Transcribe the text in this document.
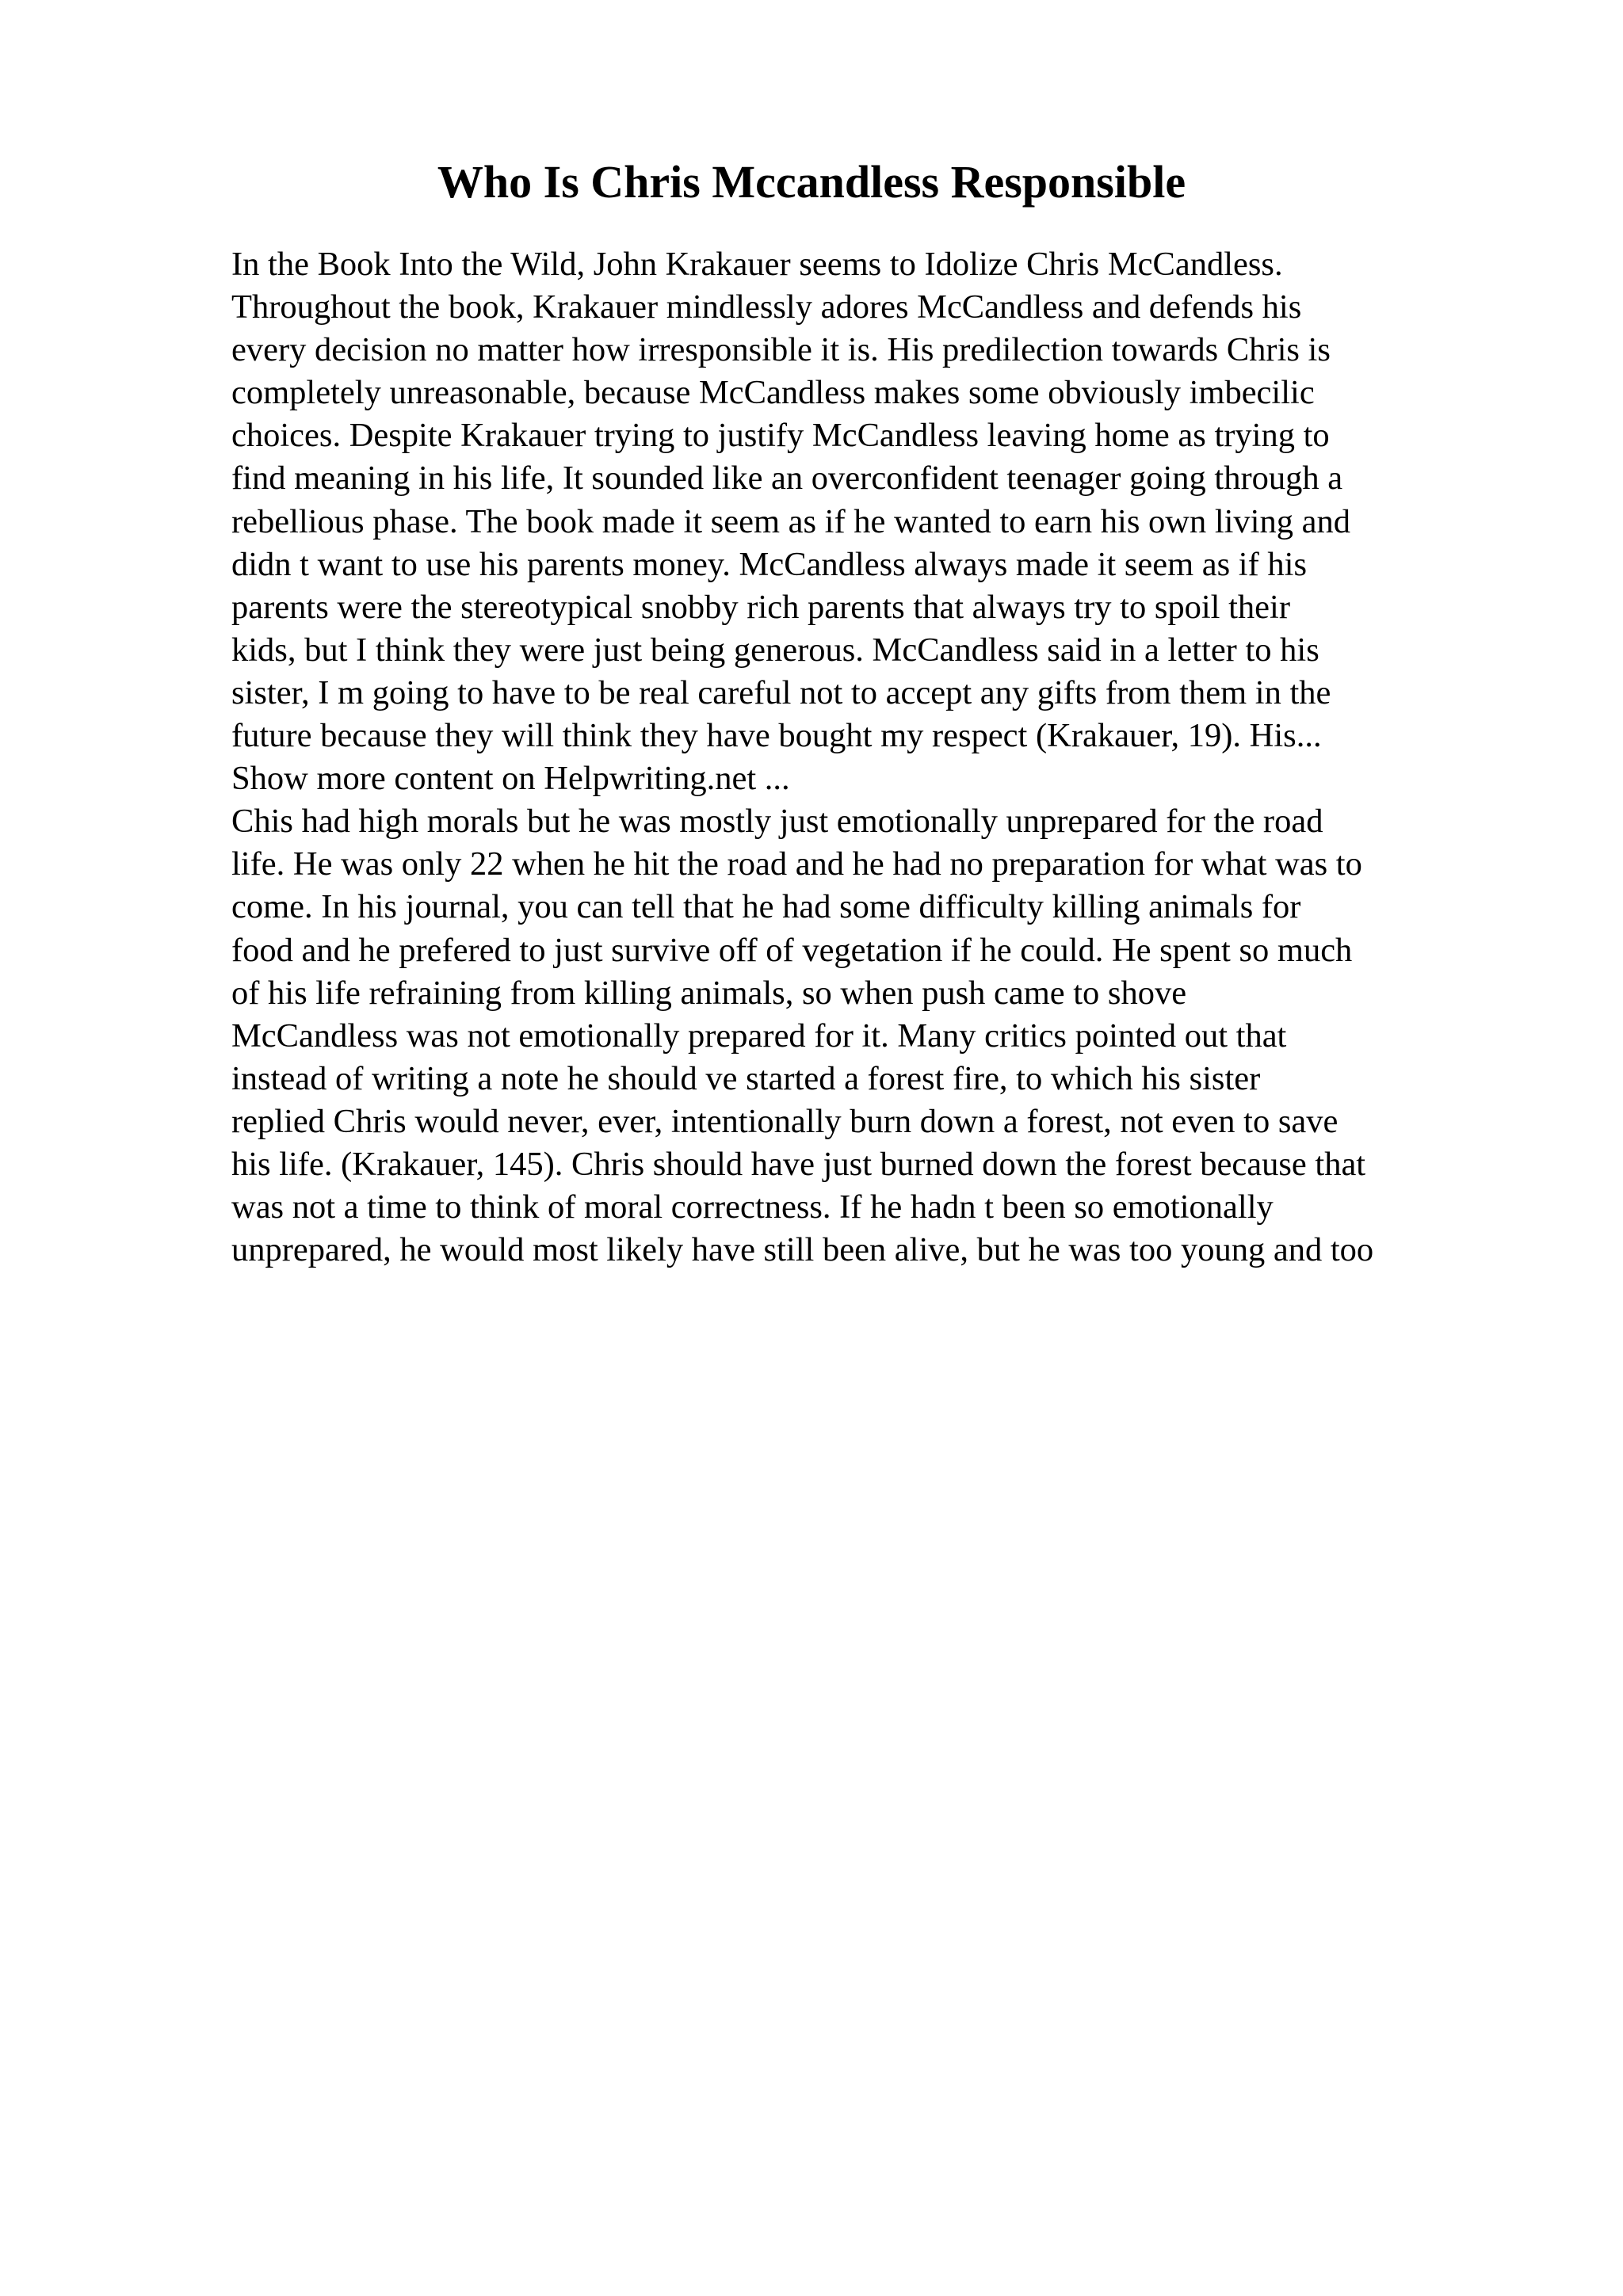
Who Is Chris Mccandless Responsible
In the Book Into the Wild, John Krakauer seems to Idolize Chris McCandless.
Throughout the book, Krakauer mindlessly adores McCandless and defends his
every decision no matter how irresponsible it is. His predilection towards Chris is
completely unreasonable, because McCandless makes some obviously imbecilic
choices. Despite Krakauer trying to justify McCandless leaving home as trying to
find meaning in his life, It sounded like an overconfident teenager going through a
rebellious phase. The book made it seem as if he wanted to earn his own living and
didn t want to use his parents money. McCandless always made it seem as if his
parents were the stereotypical snobby rich parents that always try to spoil their
kids, but I think they were just being generous. McCandless said in a letter to his
sister, I m going to have to be real careful not to accept any gifts from them in the
future because they will think they have bought my respect (Krakauer, 19). His...
Show more content on Helpwriting.net ...
Chis had high morals but he was mostly just emotionally unprepared for the road
life. He was only 22 when he hit the road and he had no preparation for what was to
come. In his journal, you can tell that he had some difficulty killing animals for
food and he prefered to just survive off of vegetation if he could. He spent so much
of his life refraining from killing animals, so when push came to shove
McCandless was not emotionally prepared for it. Many critics pointed out that
instead of writing a note he should ve started a forest fire, to which his sister
replied Chris would never, ever, intentionally burn down a forest, not even to save
his life. (Krakauer, 145). Chris should have just burned down the forest because that
was not a time to think of moral correctness. If he hadn t been so emotionally
unprepared, he would most likely have still been alive, but he was too young and too
